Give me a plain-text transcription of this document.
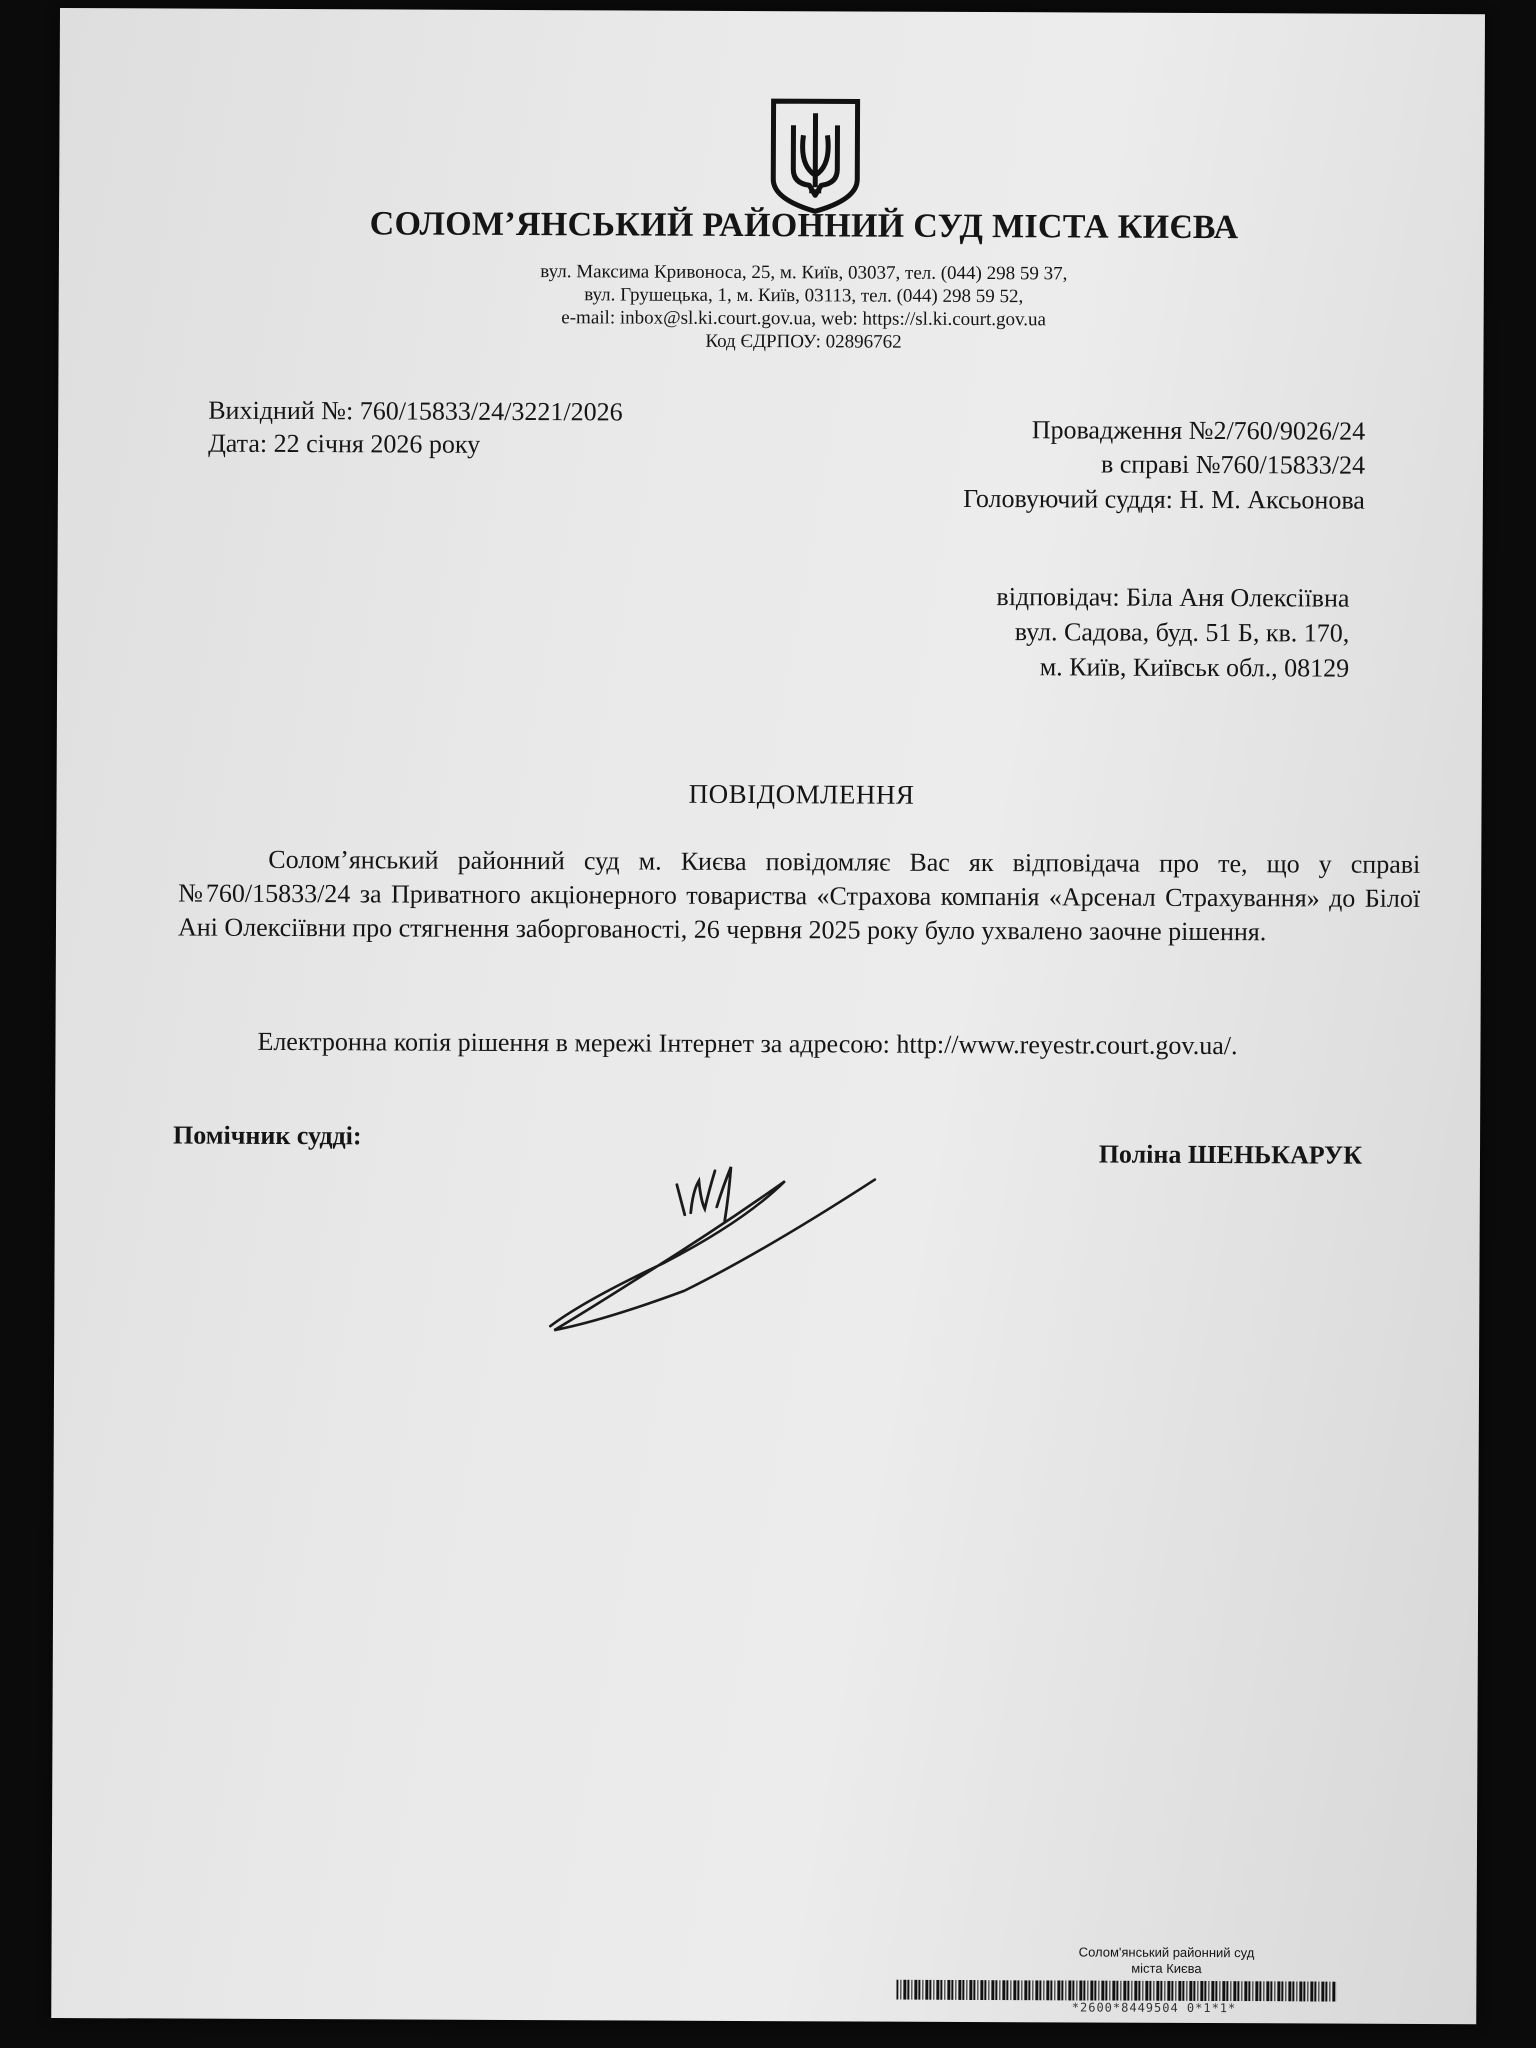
СОЛОМ’ЯНСЬКИЙ РАЙОННИЙ СУД МІСТА КИЄВА
вул. Максима Кривоноса, 25, м. Київ, 03037, тел. (044) 298 59 37,
вул. Грушецька, 1, м. Київ, 03113, тел. (044) 298 59 52,
e-mail: inbox@sl.ki.court.gov.ua, web: https://sl.ki.court.gov.ua
Код ЄДРПОУ: 02896762
Вихідний №: 760/15833/24/3221/2026
Дата: 22 січня 2026 року	Провадження №2/760/9026/24
в справі №760/15833/24
Головуючий суддя: Н. М. Аксьонова
відповідач: Біла Аня Олексіївна
вул. Садова, буд. 51 Б, кв. 170,
м. Київ, Київськ обл., 08129
ПОВІДОМЛЕННЯ
Солом’янський районний суд м. Києва повідомляє Вас як відповідача про те, що у справі №760/15833/24 за Приватного акціонерного товариства «Страхова компанія «Арсенал Страхування» до Білої Ані Олексіївни про стягнення заборгованості, 26 червня 2025 року було ухвалено заочне рішення.
Електронна копія рішення в мережі Інтернет за адресою: http://www.reyestr.court.gov.ua/.
Помічник судді:
Поліна ШЕНЬКАРУК
Солом'янський районний суд
міста Києва
*2600*8449504 0*1*1*
